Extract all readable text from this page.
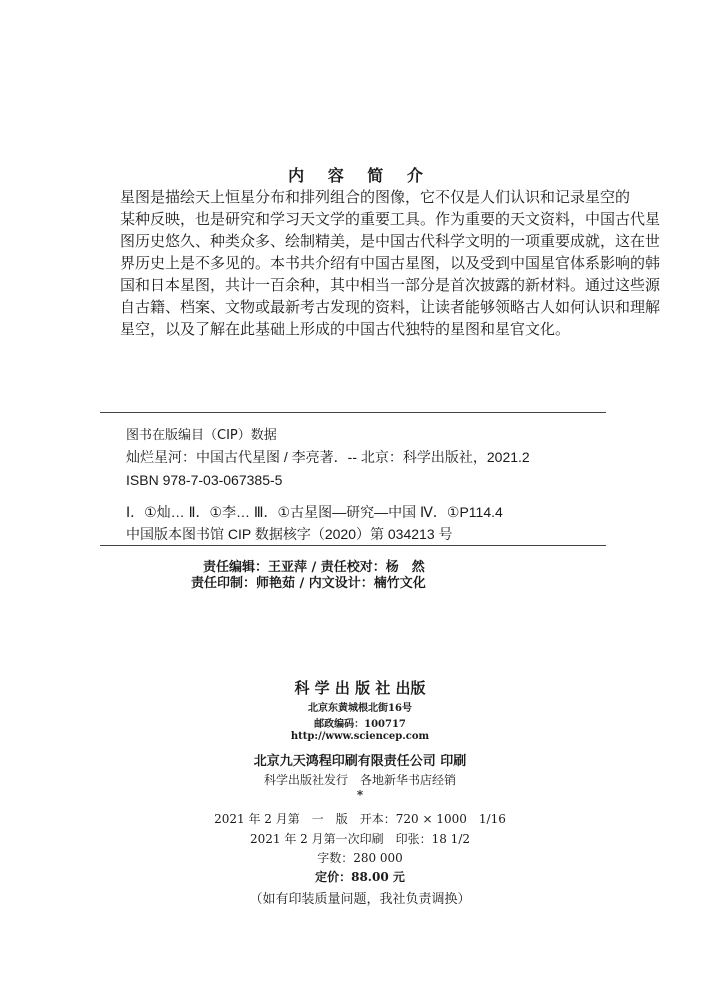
内 容 简 介

星图是描绘天上恒星分布和排列组合的图像，它不仅是人们认识和记录星空的
某种反映，也是研究和学习天文学的重要工具。作为重要的天文资料，中国古代星
图历史悠久、种类众多、绘制精美，是中国古代科学文明的一项重要成就，这在世
界历史上是不多见的。本书共介绍有中国古星图，以及受到中国星官体系影响的韩
国和日本星图，共计一百余种，其中相当一部分是首次披露的新材料。通过这些源
自古籍、档案、文物或最新考古发现的资料，让读者能够领略古人如何认识和理解
星空，以及了解在此基础上形成的中国古代独特的星图和星官文化。

图书在版编目（CIP）数据
灿烂星河：中国古代星图 / 李亮著．-- 北京：科学出版社，2021.2
ISBN 978-7-03-067385-5
Ⅰ．①灿… Ⅱ．①李… Ⅲ．①古星图—研究—中国 Ⅳ．①P114.4
中国版本图书馆 CIP 数据核字（2020）第 034213 号
责任编辑：王亚萍 / 责任校对：杨　然
责任印制：师艳茹 / 内文设计：楠竹文化
科 学 出 版 社 出版
北京东黄城根北街16号
邮政编码：100717
http://www.sciencep.com
北京九天鸿程印刷有限责任公司 印刷
科学出版社发行　各地新华书店经销
*
2021 年 2 月第　一　版　开本：720 × 1000　1/16
2021 年 2 月第一次印刷　印张：18 1/2
字数：280 000
定价：88.00 元
（如有印装质量问题，我社负责调换）
